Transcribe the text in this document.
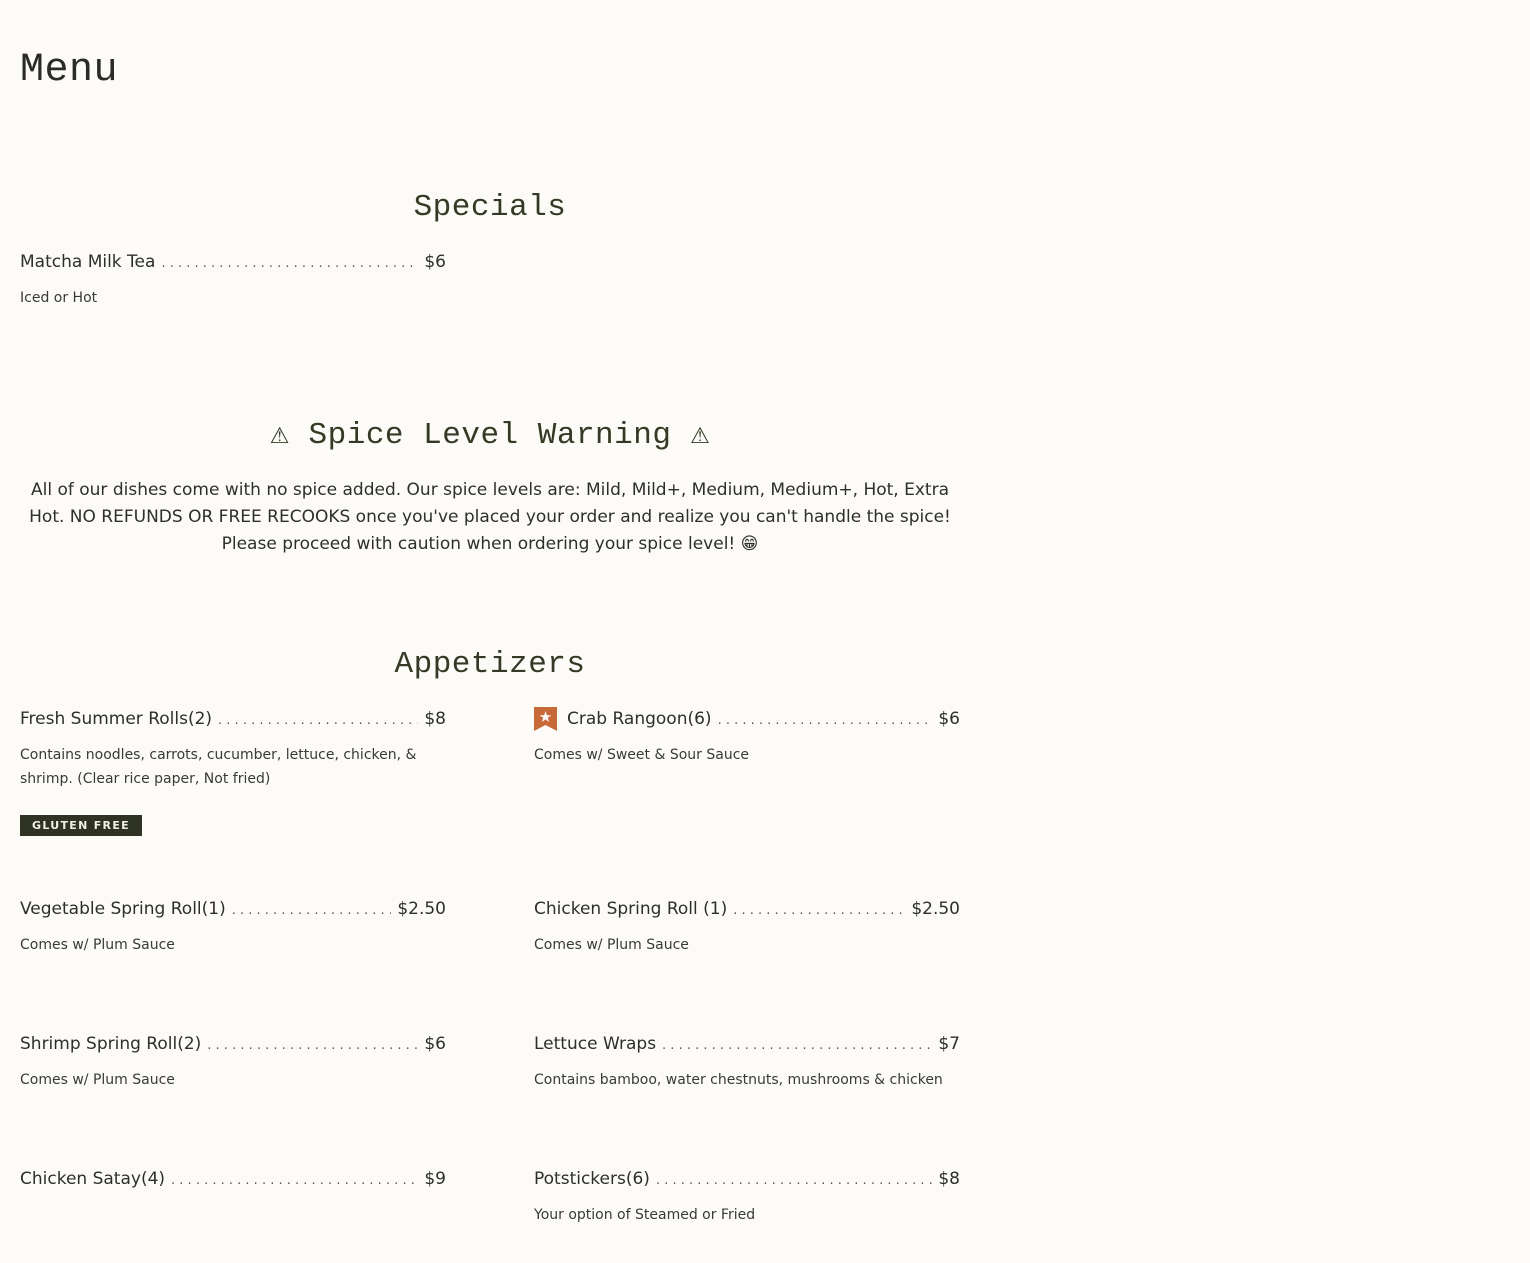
Menu
Specials
Matcha Milk Tea . . .	$6
Iced or Hot
⚠ Spice Level Warning ⚠

All of our dishes come with no spice added. Our spice levels are: Mild, Mild+, Medium, Medium+, Hot, Extra Hot. NO REFUNDS OR FREE RECOOKS once you've placed your order and realize you can't handle the spice! Please proceed with caution when ordering your spice level! 😁

Appetizers
Fresh Summer Rolls(2) . . .	$8
Contains noodles, carrots, cucumber, lettuce, chicken, & shrimp. (Clear rice paper, Not fried)
GLUTEN FREE
Crab Rangoon(6) . . .	$6
Comes w/ Sweet & Sour Sauce
Vegetable Spring Roll(1) . . .	$2.50
Comes w/ Plum Sauce
Chicken Spring Roll (1) . . .	$2.50
Comes w/ Plum Sauce
Shrimp Spring Roll(2) . . .	$6
Comes w/ Plum Sauce
Lettuce Wraps . . .	$7
Contains bamboo, water chestnuts, mushrooms & chicken
Chicken Satay(4) . . .	$9	Potstickers(6) . . .	$8
Your option of Steamed or Fried
